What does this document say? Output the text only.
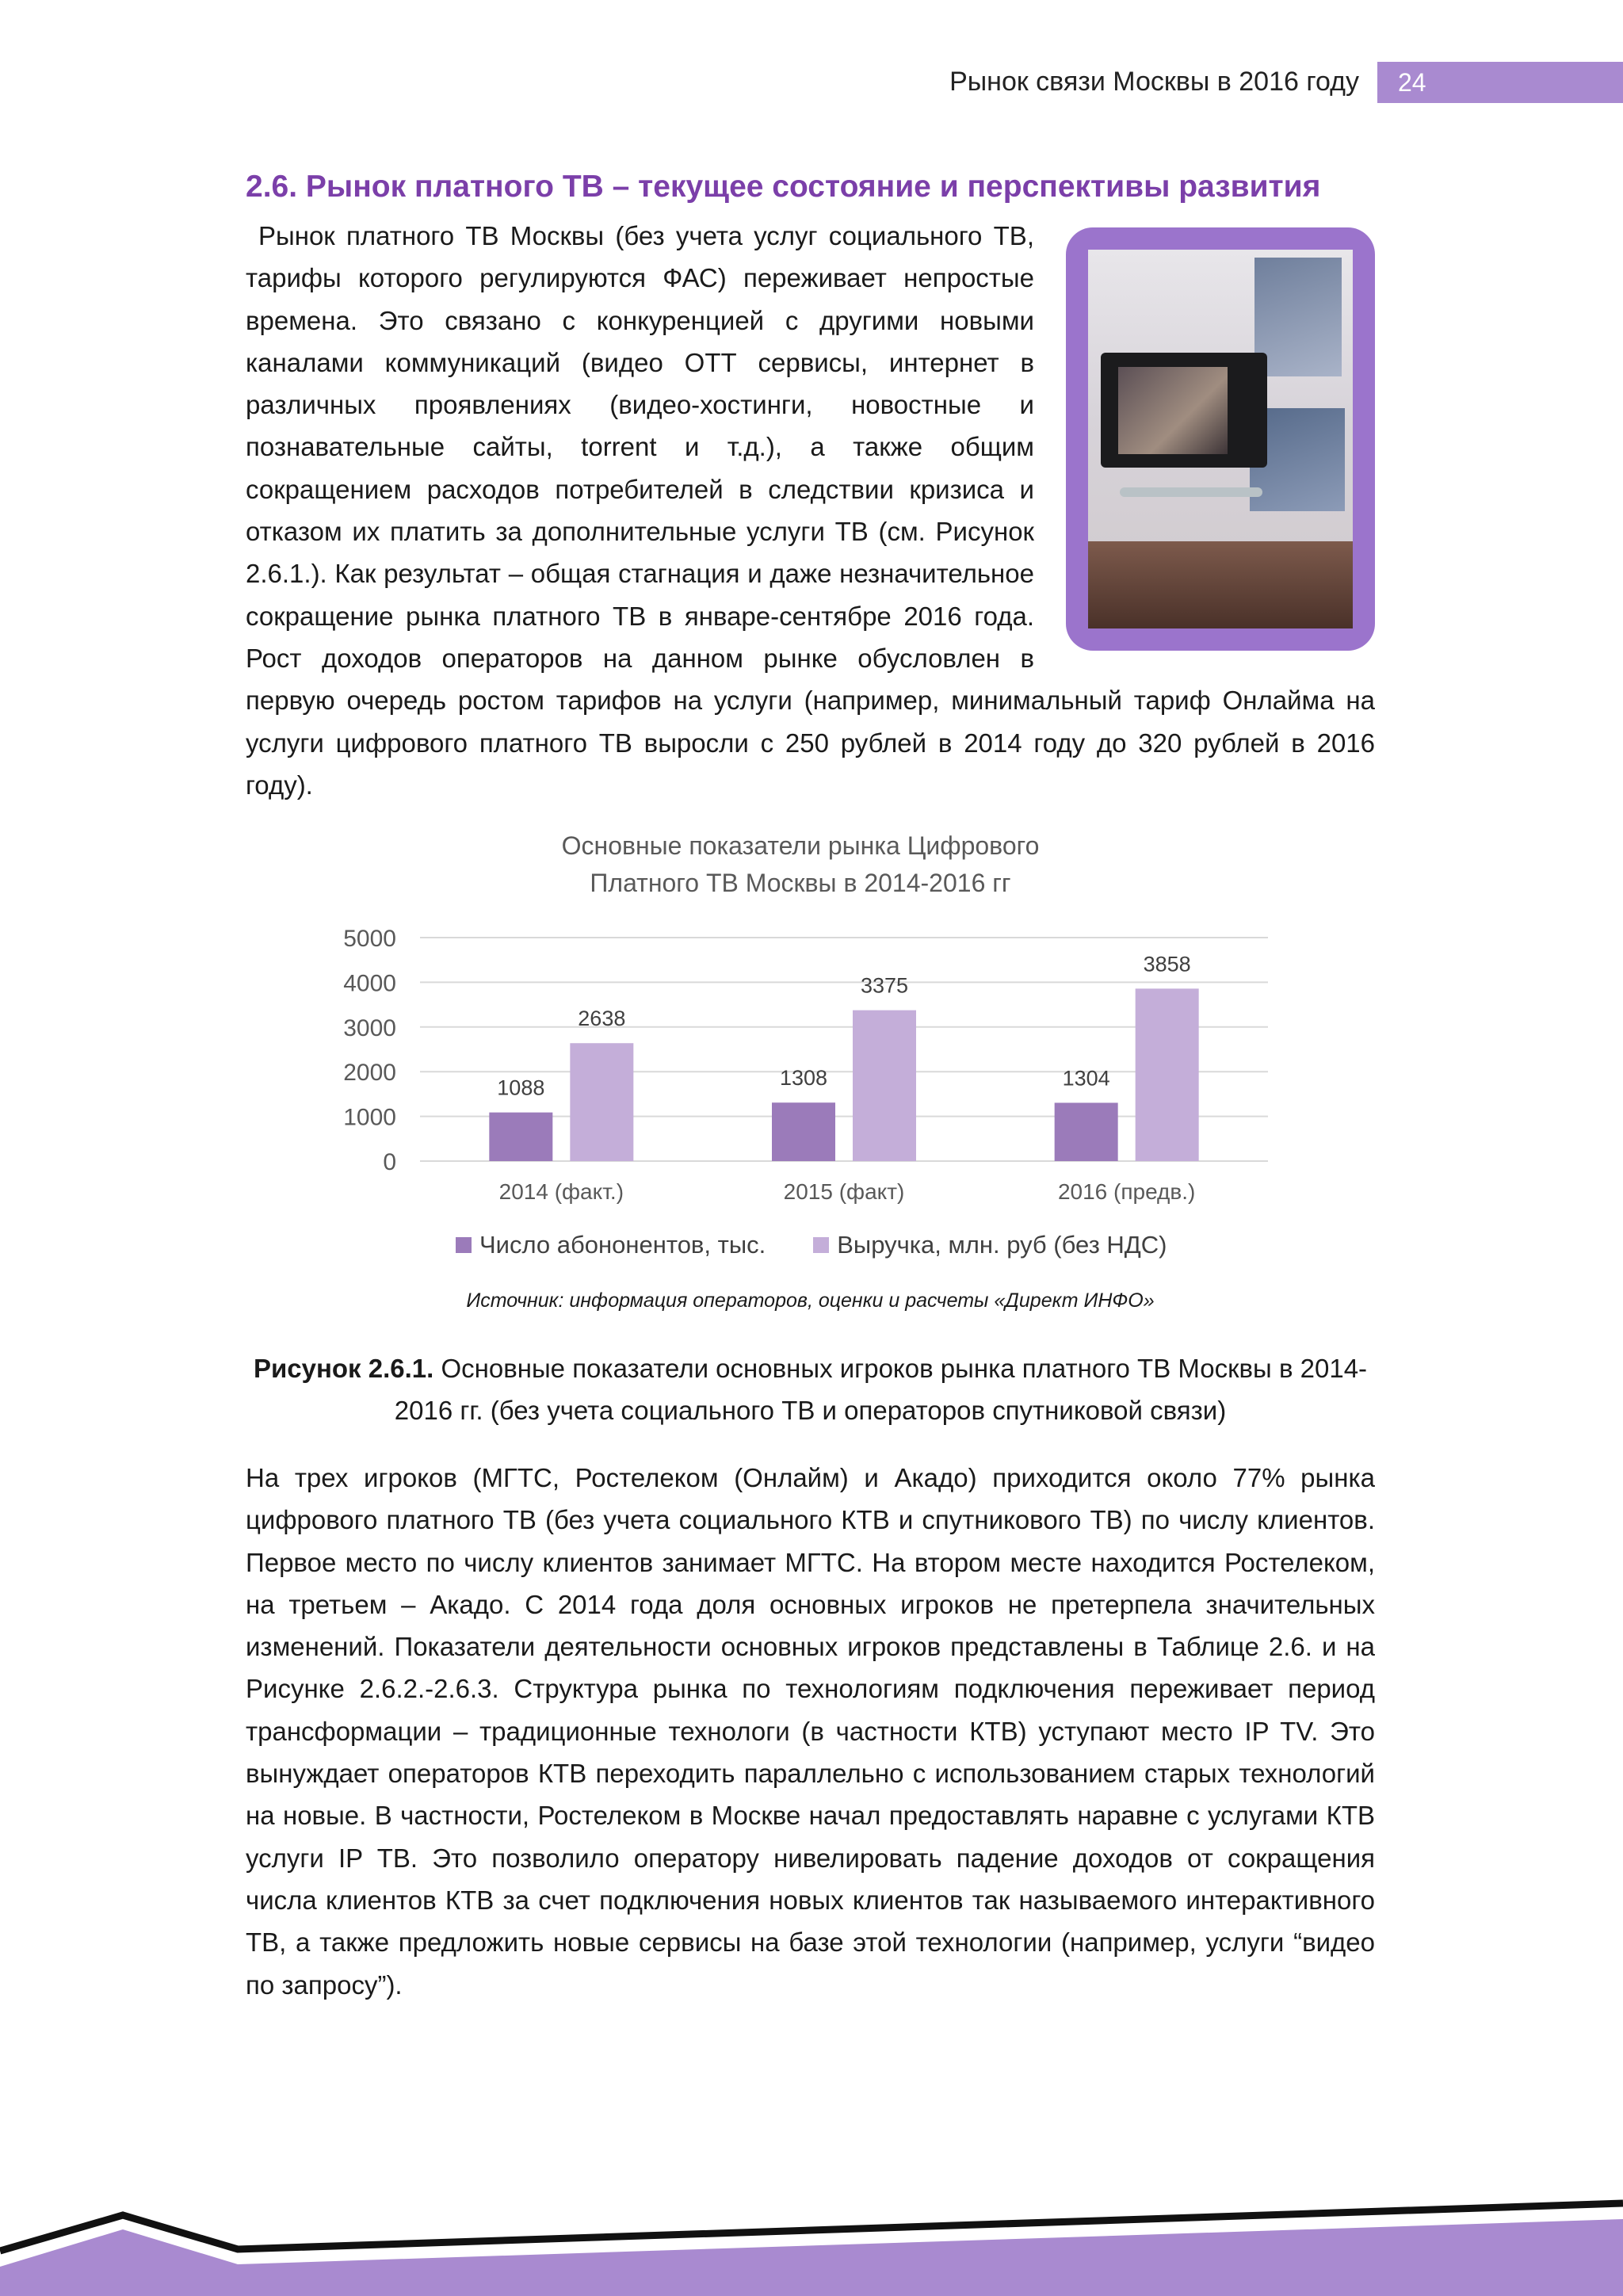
Рынок связи Москвы в 2016 году	24
2.6. Рынок платного ТВ – текущее состояние и перспективы развития

Рынок платного ТВ Москвы (без учета услуг социального ТВ, тарифы которого регулируются ФАС) переживает непростые времена. Это связано с конкуренцией с другими новыми каналами коммуникаций (видео ОТТ сервисы, интернет в различных проявлениях (видео-хостинги, новостные и познавательные сайты, torrent и т.д.), а также общим сокращением расходов потребителей в следствии кризиса и отказом их платить за дополнительные услуги ТВ (см. Рисунок 2.6.1.). Как результат – общая стагнация и даже незначительное сокращение рынка платного ТВ в январе-сентябре 2016 года. Рост доходов операторов на данном рынке обусловлен в первую очередь ростом тарифов на услуги (например, минимальный тариф Онлайма на услуги цифрового платного ТВ выросли с 250 рублей в 2014 году до 320 рублей в 2016 году).

Основные показатели рынка Цифрового
Платного ТВ Москвы в 2014-2016 гг
5000
4000
3000
2000
1000
0
1088
2638
2014 (факт.)
1308
3375
2015 (факт)
1304
3858
2016 (предв.)
Число абононентов, тыс.	Выручка, млн. руб (без НДС)
Источник: информация операторов, оценки и расчеты «Директ ИНФО»
Рисунок 2.6.1. Основные показатели основных игроков рынка платного ТВ Москвы в 2014- 2016 гг. (без учета социального ТВ и операторов спутниковой связи)

На трех игроков (МГТС, Ростелеком (Онлайм) и Акадо) приходится около 77% рынка цифрового платного ТВ (без учета социального КТВ и спутникового ТВ) по числу клиентов. Первое место по числу клиентов занимает МГТС. На втором месте находится Ростелеком, на третьем – Акадо. С 2014 года доля основных игроков не претерпела значительных изменений. Показатели деятельности основных игроков представлены в Таблице 2.6. и на Рисунке 2.6.2.-2.6.3. Структура рынка по технологиям подключения переживает период трансформации – традиционные технологи (в частности КТВ) уступают место IP TV. Это вынуждает операторов КТВ переходить параллельно с использованием старых технологий на новые. В частности, Ростелеком в Москве начал предоставлять наравне с услугами КТВ услуги IP ТВ. Это позволило оператору нивелировать падение доходов от сокращения числа клиентов КТВ за счет подключения новых клиентов так называемого интерактивного ТВ, а также предложить новые сервисы на базе этой технологии (например, услуги “видео по запросу”).
